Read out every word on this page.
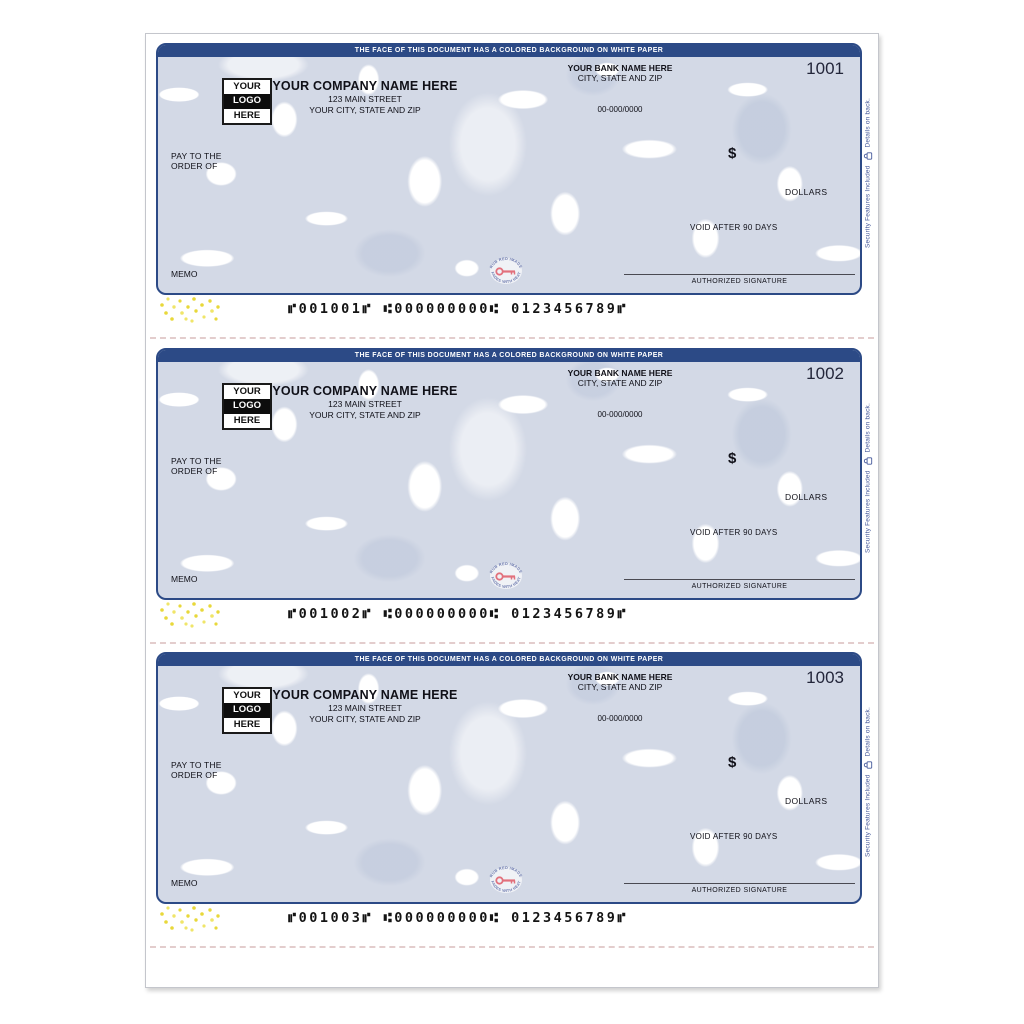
THE FACE OF THIS DOCUMENT HAS A COLORED BACKGROUND ON WHITE PAPER
YOUR
LOGO
HERE
YOUR COMPANY NAME HERE
123 MAIN STREET
YOUR CITY, STATE AND ZIP
YOUR BANK NAME HERE
CITY, STATE AND ZIP
00-000/0000
1001
PAY TO THE
ORDER OF
$
DOLLARS
VOID AFTER 90 DAYS
RUB RED IMAGE
FADES WITH HEAT
MEMO
AUTHORIZED SIGNATURE
Security Features Included
Details on back.
⑈001001⑈ ⑆000000000⑆ 0123456789⑈
THE FACE OF THIS DOCUMENT HAS A COLORED BACKGROUND ON WHITE PAPER
YOUR
LOGO
HERE
YOUR COMPANY NAME HERE
123 MAIN STREET
YOUR CITY, STATE AND ZIP
YOUR BANK NAME HERE
CITY, STATE AND ZIP
00-000/0000
1002
PAY TO THE
ORDER OF
$
DOLLARS
VOID AFTER 90 DAYS
RUB RED IMAGE
FADES WITH HEAT
MEMO
AUTHORIZED SIGNATURE
Security Features Included
Details on back.
⑈001002⑈ ⑆000000000⑆ 0123456789⑈
THE FACE OF THIS DOCUMENT HAS A COLORED BACKGROUND ON WHITE PAPER
YOUR
LOGO
HERE
YOUR COMPANY NAME HERE
123 MAIN STREET
YOUR CITY, STATE AND ZIP
YOUR BANK NAME HERE
CITY, STATE AND ZIP
00-000/0000
1003
PAY TO THE
ORDER OF
$
DOLLARS
VOID AFTER 90 DAYS
RUB RED IMAGE
FADES WITH HEAT
MEMO
AUTHORIZED SIGNATURE
Security Features Included
Details on back.
⑈001003⑈ ⑆000000000⑆ 0123456789⑈
